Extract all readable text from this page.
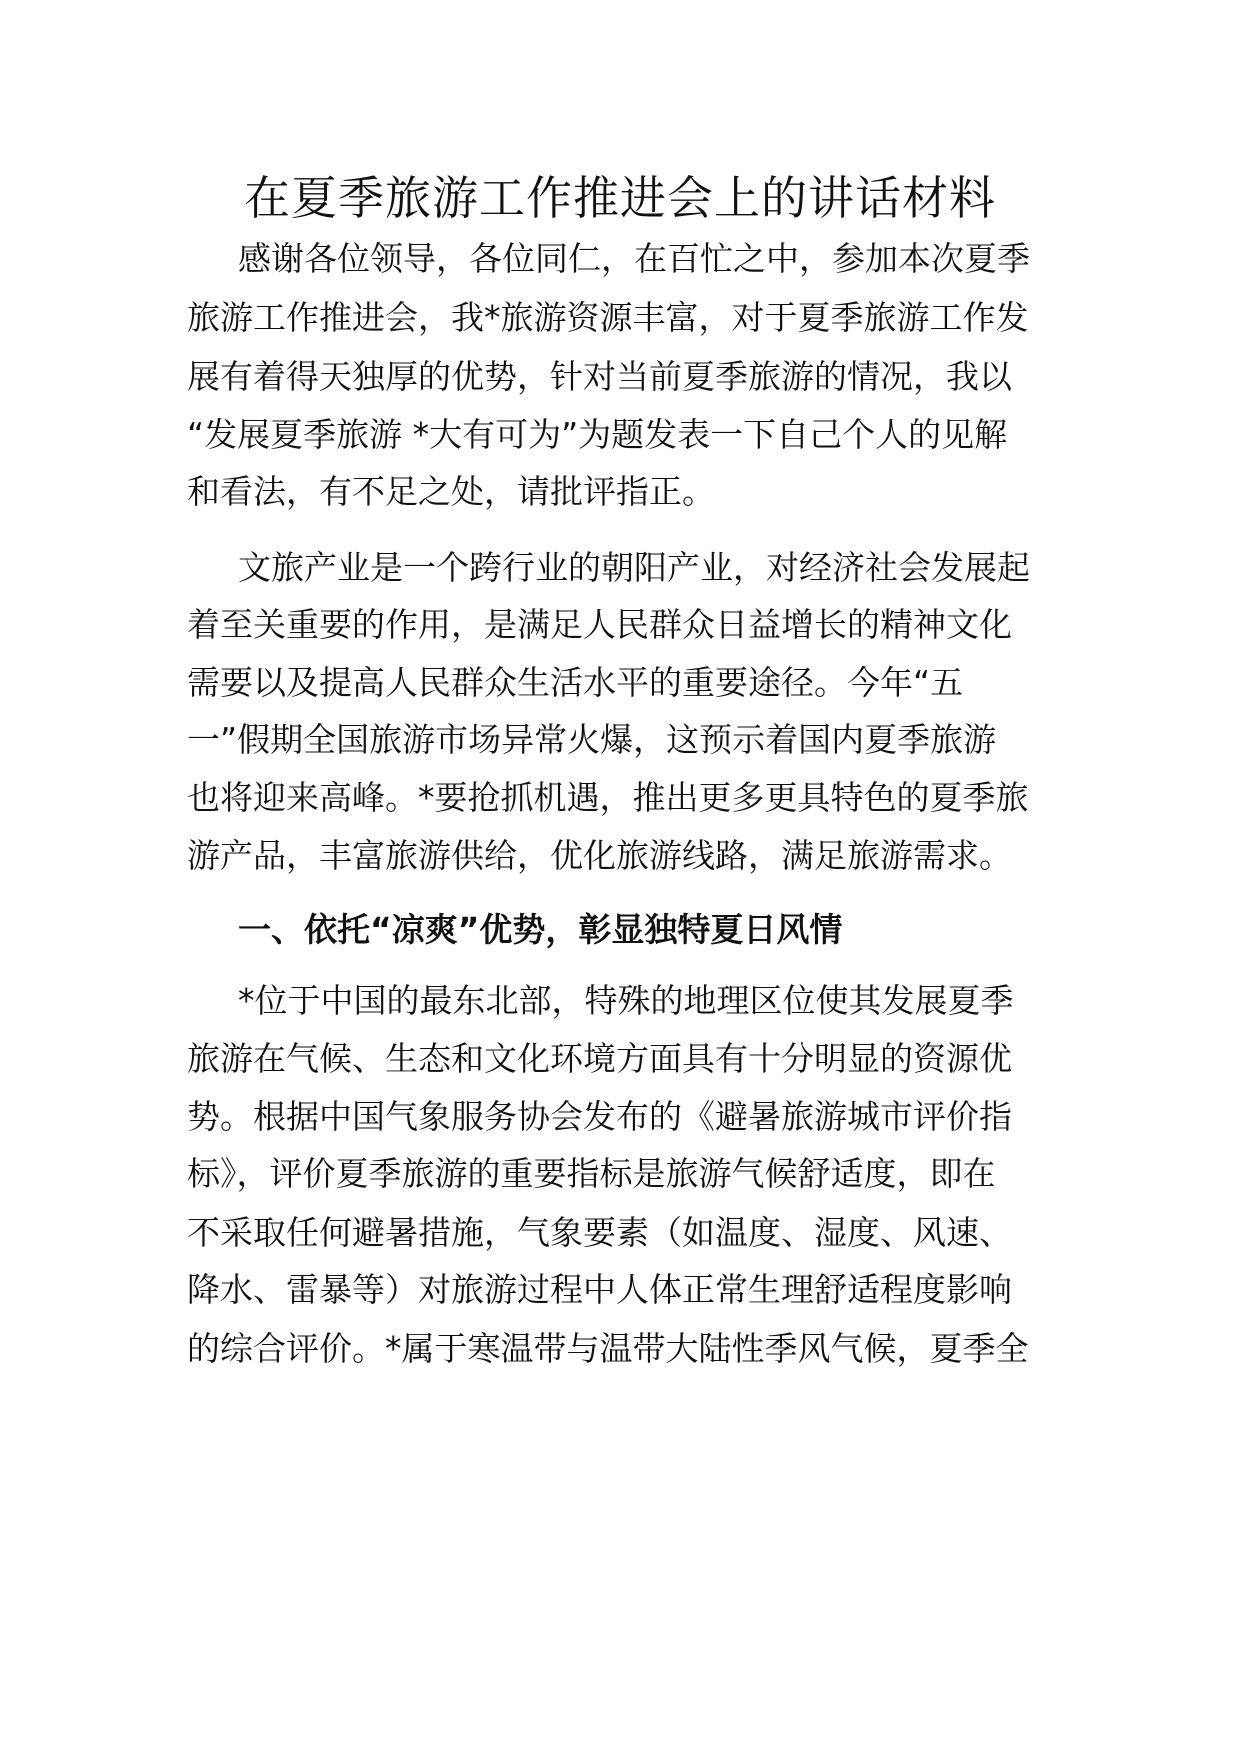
在夏季旅游工作推进会上的讲话材料
感谢各位领导，各位同仁，在百忙之中，参加本次夏季
旅游工作推进会，我*旅游资源丰富，对于夏季旅游工作发
展有着得天独厚的优势，针对当前夏季旅游的情况，我以
“发展夏季旅游 *大有可为”为题发表一下自己个人的见解
和看法，有不足之处，请批评指正。
文旅产业是一个跨行业的朝阳产业，对经济社会发展起
着至关重要的作用，是满足人民群众日益增长的精神文化
需要以及提高人民群众生活水平的重要途径。今年“五
一”假期全国旅游市场异常火爆，这预示着国内夏季旅游
也将迎来高峰。*要抢抓机遇，推出更多更具特色的夏季旅
游产品，丰富旅游供给，优化旅游线路，满足旅游需求。
一、依托“凉爽”优势，彰显独特夏日风情
*位于中国的最东北部，特殊的地理区位使其发展夏季
旅游在气候、生态和文化环境方面具有十分明显的资源优
势。根据中国气象服务协会发布的《避暑旅游城市评价指
标》，评价夏季旅游的重要指标是旅游气候舒适度，即在
不采取任何避暑措施，气象要素（如温度、湿度、风速、
降水、雷暴等）对旅游过程中人体正常生理舒适程度影响
的综合评价。*属于寒温带与温带大陆性季风气候，夏季全
